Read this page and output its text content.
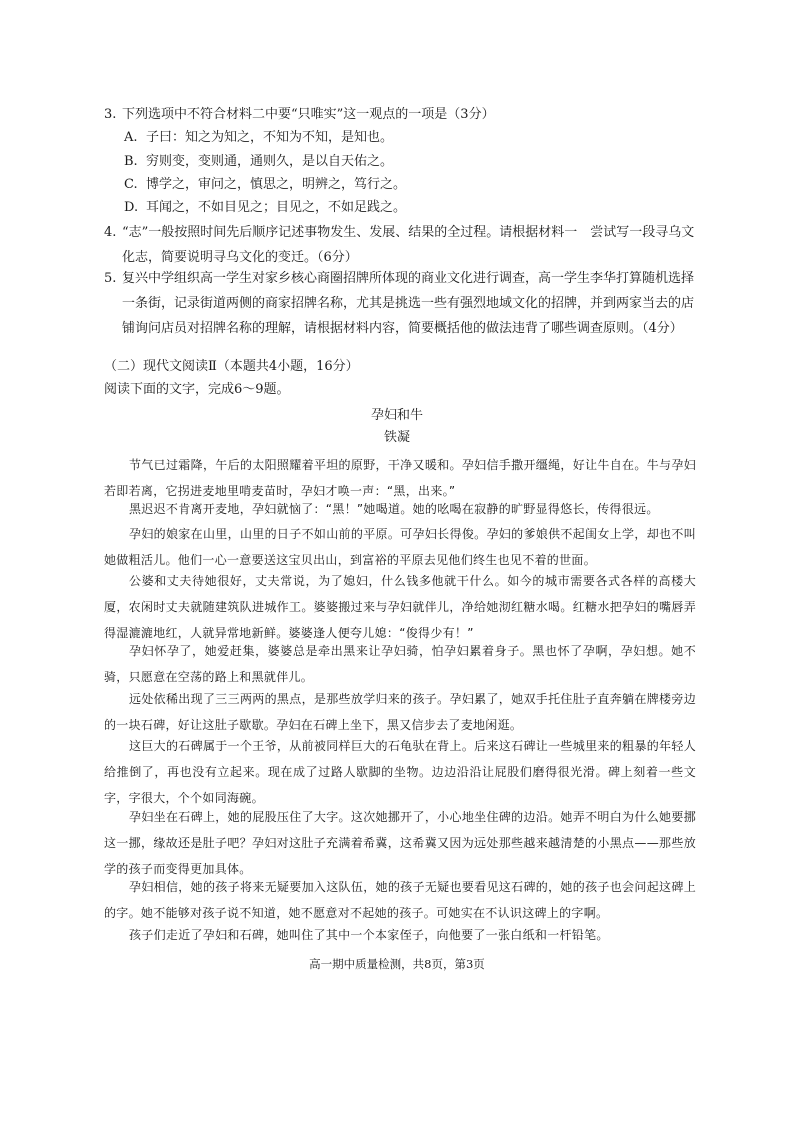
3. 下列选项中不符合材料二中要“只唯实”这一观点的一项是（3分）
A. 子曰：知之为知之，不知为不知，是知也。
B. 穷则变，变则通，通则久，是以自天佑之。
C. 博学之，审问之，慎思之，明辨之，笃行之。
D. 耳闻之，不如目见之；目见之，不如足践之。
4. “志”一般按照时间先后顺序记述事物发生、发展、结果的全过程。请根据材料一　尝试写一段寻乌文化志，简要说明寻乌文化的变迁。（6分）
5. 复兴中学组织高一学生对家乡核心商圈招牌所体现的商业文化进行调查，高一学生李华打算随机选择一条街，记录街道两侧的商家招牌名称，尤其是挑选一些有强烈地域文化的招牌，并到两家当去的店铺询问店员对招牌名称的理解，请根据材料内容，简要概括他的做法违背了哪些调查原则。（4分）
（二）现代文阅读Ⅱ（本题共4小题，16分）
阅读下面的文字，完成6～9题。
孕妇和牛
铁凝
节气已过霜降，午后的太阳照耀着平坦的原野，干净又暖和。孕妇信手撒开缰绳，好让牛自在。牛与孕妇若即若离，它拐进麦地里啃麦苗时，孕妇才唤一声：“黑，出来。”
黑迟迟不肯离开麦地，孕妇就恼了：“黑！”她喝道。她的吆喝在寂静的旷野显得悠长，传得很远。
孕妇的娘家在山里，山里的日子不如山前的平原。可孕妇长得俊。孕妇的爹娘供不起闺女上学，却也不叫她做粗活儿。他们一心一意要送这宝贝出山，到富裕的平原去见他们终生也见不着的世面。
公婆和丈夫待她很好，丈夫常说，为了媳妇，什么钱多他就干什么。如今的城市需要各式各样的高楼大厦，农闲时丈夫就随建筑队进城作工。婆婆搬过来与孕妇就伴儿，净给她沏红糖水喝。红糖水把孕妇的嘴唇弄得湿漉漉地红，人就异常地新鲜。婆婆逢人便夸儿媳：“俊得少有！”
孕妇怀孕了，她爱赶集，婆婆总是牵出黑来让孕妇骑，怕孕妇累着身子。黑也怀了孕啊，孕妇想。她不骑，只愿意在空荡的路上和黑就伴儿。
远处依稀出现了三三两两的黑点，是那些放学归来的孩子。孕妇累了，她双手托住肚子直奔躺在牌楼旁边的一块石碑，好让这肚子歇歇。孕妇在石碑上坐下，黑又信步去了麦地闲逛。
这巨大的石碑属于一个王爷，从前被同样巨大的石龟驮在背上。后来这石碑让一些城里来的粗暴的年轻人给推倒了，再也没有立起来。现在成了过路人歇脚的坐物。边边沿沿让屁股们磨得很光滑。碑上刻着一些文字，字很大，个个如同海碗。
孕妇坐在石碑上，她的屁股压住了大字。这次她挪开了，小心地坐住碑的边沿。她弄不明白为什么她要挪这一挪，缘故还是肚子吧？孕妇对这肚子充满着希冀，这希冀又因为远处那些越来越清楚的小黑点——那些放学的孩子而变得更加具体。
孕妇相信，她的孩子将来无疑要加入这队伍，她的孩子无疑也要看见这石碑的，她的孩子也会问起这碑上的字。她不能够对孩子说不知道，她不愿意对不起她的孩子。可她实在不认识这碑上的字啊。
孩子们走近了孕妇和石碑，她叫住了其中一个本家侄子，向他要了一张白纸和一杆铅笔。
高一期中质量检测，共8页，第3页
